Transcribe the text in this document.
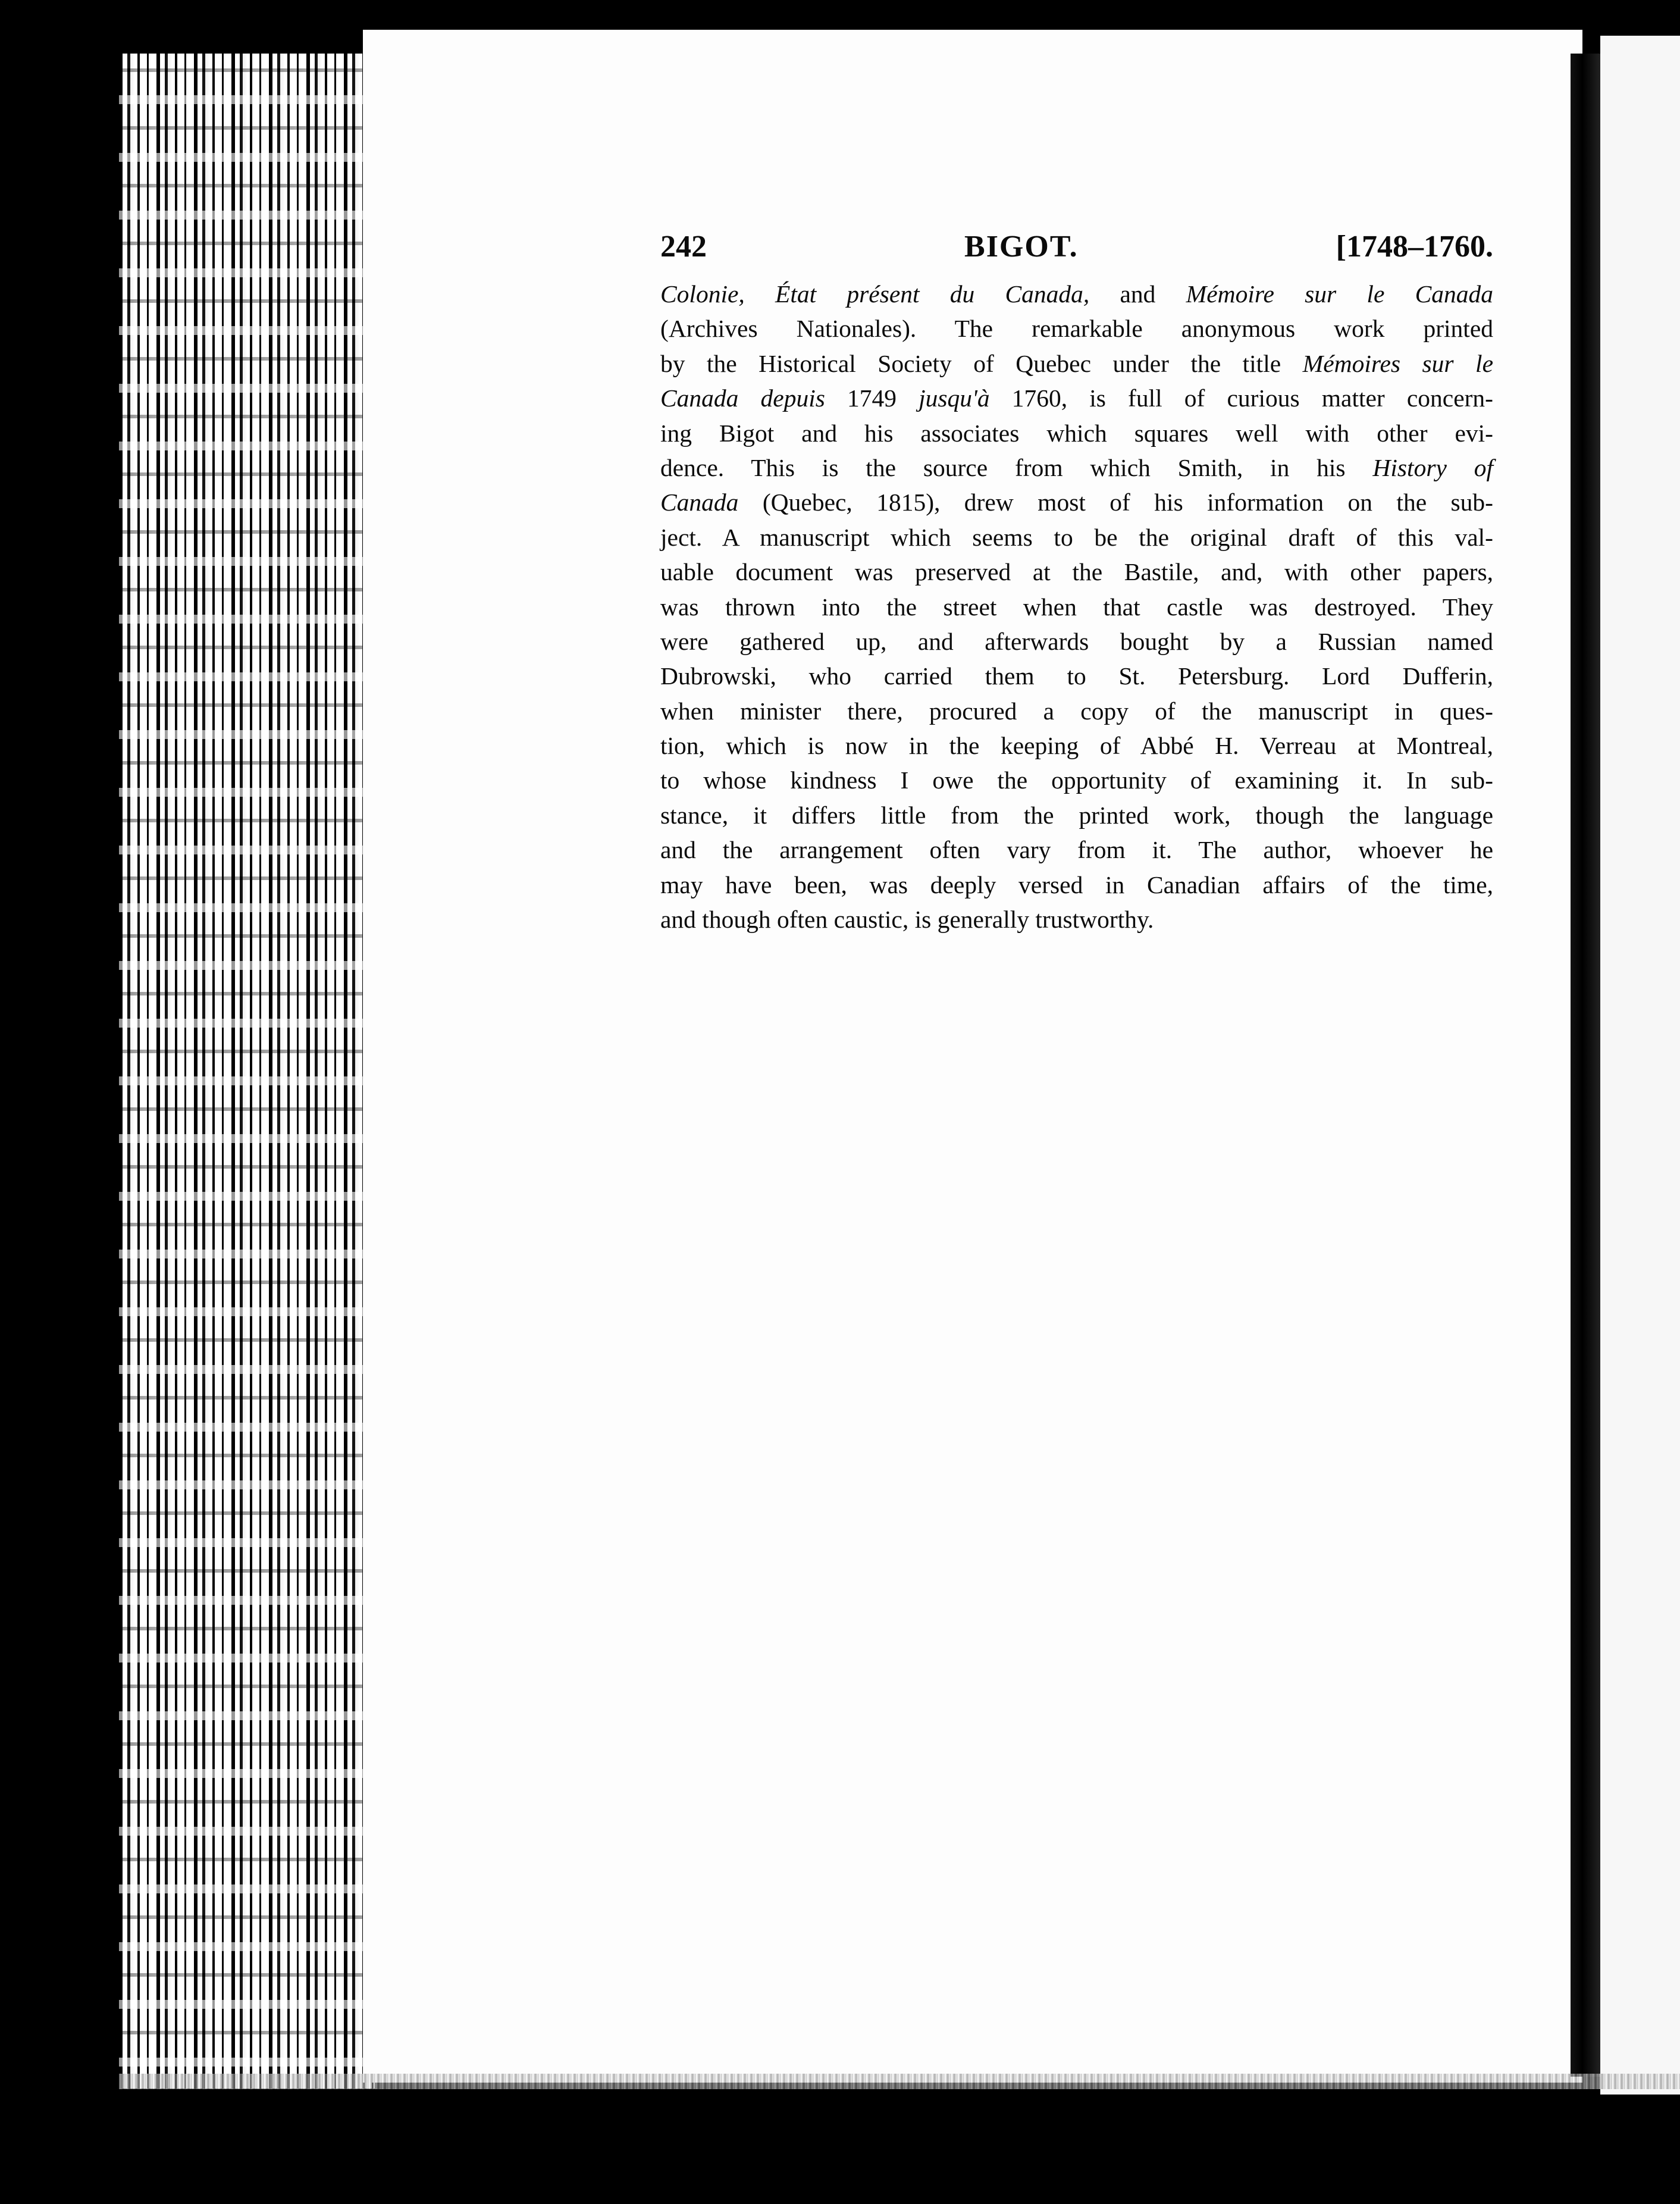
242	BIGOT.	[1748–1760.
Colonie, État présent du Canada, and Mémoire sur le Canada
(Archives Nationales). The remarkable anonymous work printed
by the Historical Society of Quebec under the title Mémoires sur le
Canada depuis 1749 jusqu'à 1760, is full of curious matter concern-
ing Bigot and his associates which squares well with other evi-
dence. This is the source from which Smith, in his History of
Canada (Quebec, 1815), drew most of his information on the sub-
ject. A manuscript which seems to be the original draft of this val-
uable document was preserved at the Bastile, and, with other papers,
was thrown into the street when that castle was destroyed. They
were gathered up, and afterwards bought by a Russian named
Dubrowski, who carried them to St. Petersburg. Lord Dufferin,
when minister there, procured a copy of the manuscript in ques-
tion, which is now in the keeping of Abbé H. Verreau at Montreal,
to whose kindness I owe the opportunity of examining it. In sub-
stance, it differs little from the printed work, though the language
and the arrangement often vary from it. The author, whoever he
may have been, was deeply versed in Canadian affairs of the time,
and though often caustic, is generally trustworthy.
